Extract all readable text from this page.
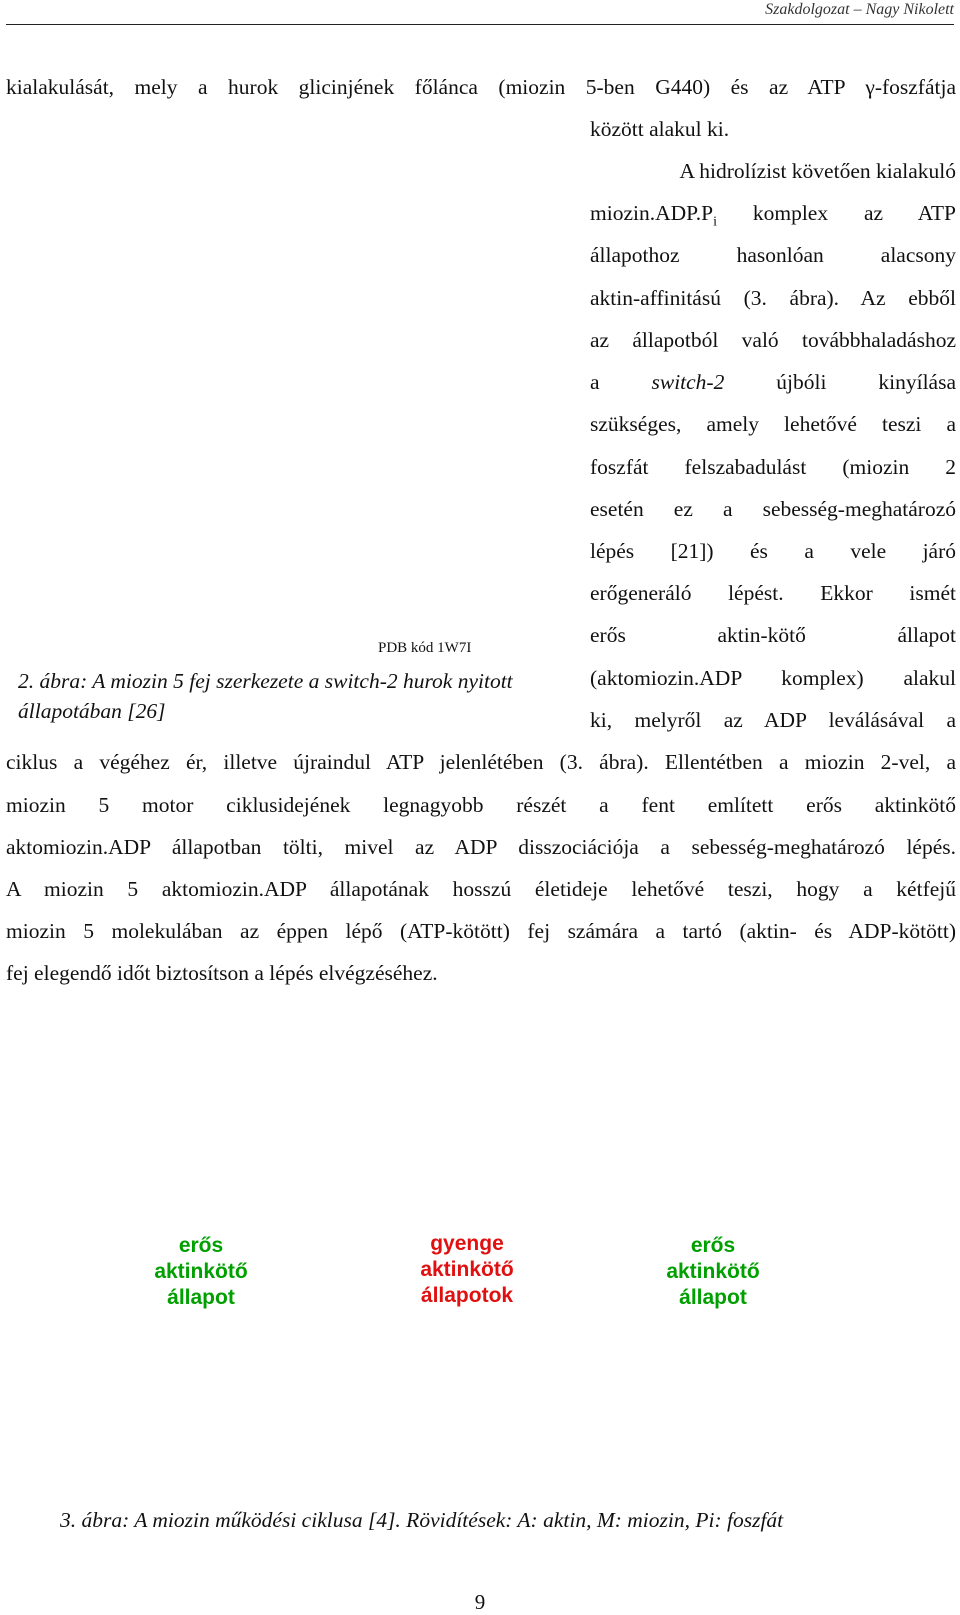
Szakdolgozat – Nagy Nikolett
kialakulását, mely a hurok glicinjének főlánca (miozin 5-ben G440) és az ATP γ-foszfátja
között alakul ki.
A hidrolízist követően kialakuló
$miozin.ADP.P_i$ komplex az ATP
állapothoz hasonlóan alacsony
aktin-affinitású (3. ábra). Az ebből
az állapotból való továbbhaladáshoz
a switch-2 újbóli kinyílása
szükséges, amely lehetővé teszi a
foszfát felszabadulást (miozin 2
esetén ez a sebesség-meghatározó
lépés [21]) és a vele járó
erőgeneráló lépést. Ekkor ismét
erős aktin-kötő állapot
(aktomiozin.ADP komplex) alakul
ki, melyről az ADP leválásával a
PDB kód 1W7I
2. ábra: A miozin 5 fej szerkezete a switch-2 hurok nyitott állapotában [26]
ciklus a végéhez ér, illetve újraindul ATP jelenlétében (3. ábra). Ellentétben a miozin 2-vel, a
miozin 5 motor ciklusidejének legnagyobb részét a fent említett erős aktinkötő
aktomiozin.ADP állapotban tölti, mivel az ADP disszociációja a sebesség-meghatározó lépés.
A miozin 5 aktomiozin.ADP állapotának hosszú életideje lehetővé teszi, hogy a kétfejű
miozin 5 molekulában az éppen lépő (ATP-kötött) fej számára a tartó (aktin- és ADP-kötött)
fej elegendő időt biztosítson a lépés elvégzéséhez.
erős
aktinkötő
állapot
gyenge
aktinkötő
állapotok
erős
aktinkötő
állapot
3. ábra: A miozin működési ciklusa [4]. Rövidítések: A: aktin, M: miozin, Pi: foszfát
9
